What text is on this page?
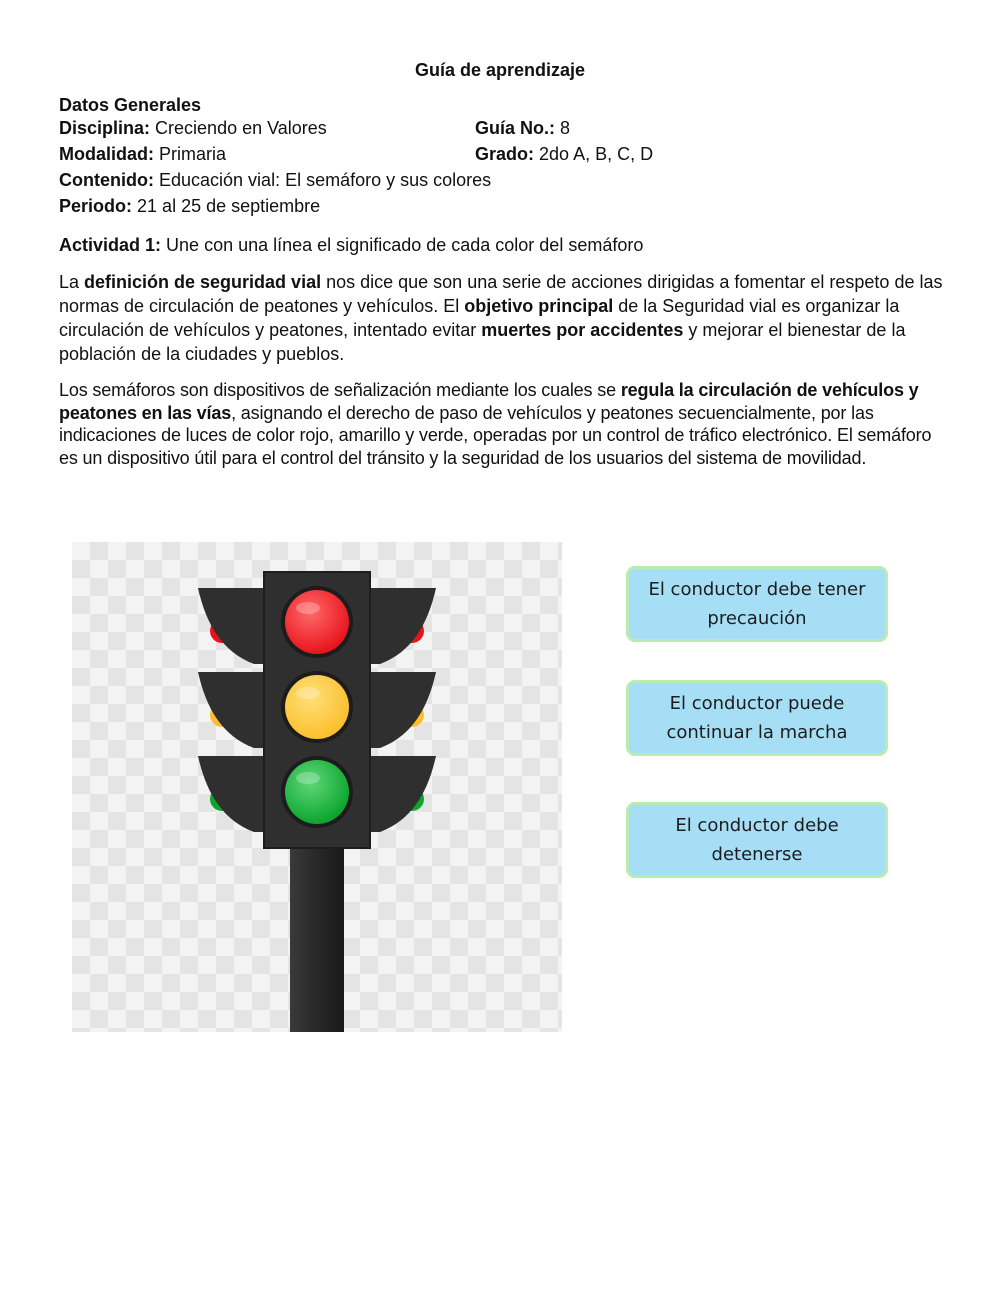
Guía de aprendizaje
Datos Generales
Disciplina: Creciendo en Valores	Guía No.: 8
Modalidad: Primaria	Grado: 2do A, B, C, D
Contenido: Educación vial: El semáforo y sus colores
Periodo: 21 al 25 de septiembre
Actividad 1: Une con una línea el significado de cada color del semáforo
La definición de seguridad vial nos dice que son una serie de acciones dirigidas a fomentar el respeto de las normas de circulación de peatones y vehículos. El objetivo principal de la Seguridad vial es organizar la circulación de vehículos y peatones, intentado evitar muertes por accidentes y mejorar el bienestar de la población de la ciudades y pueblos.
Los semáforos son dispositivos de señalización mediante los cuales se regula la circulación de vehículos y peatones en las vías, asignando el derecho de paso de vehículos y peatones secuencialmente, por las indicaciones de luces de color rojo, amarillo y verde, operadas por un control de tráfico electrónico. El semáforo es un dispositivo útil para el control del tránsito y la seguridad de los usuarios del sistema de movilidad.
El conductor debe tener precaución
El conductor puede continuar la marcha
El conductor debe detenerse
